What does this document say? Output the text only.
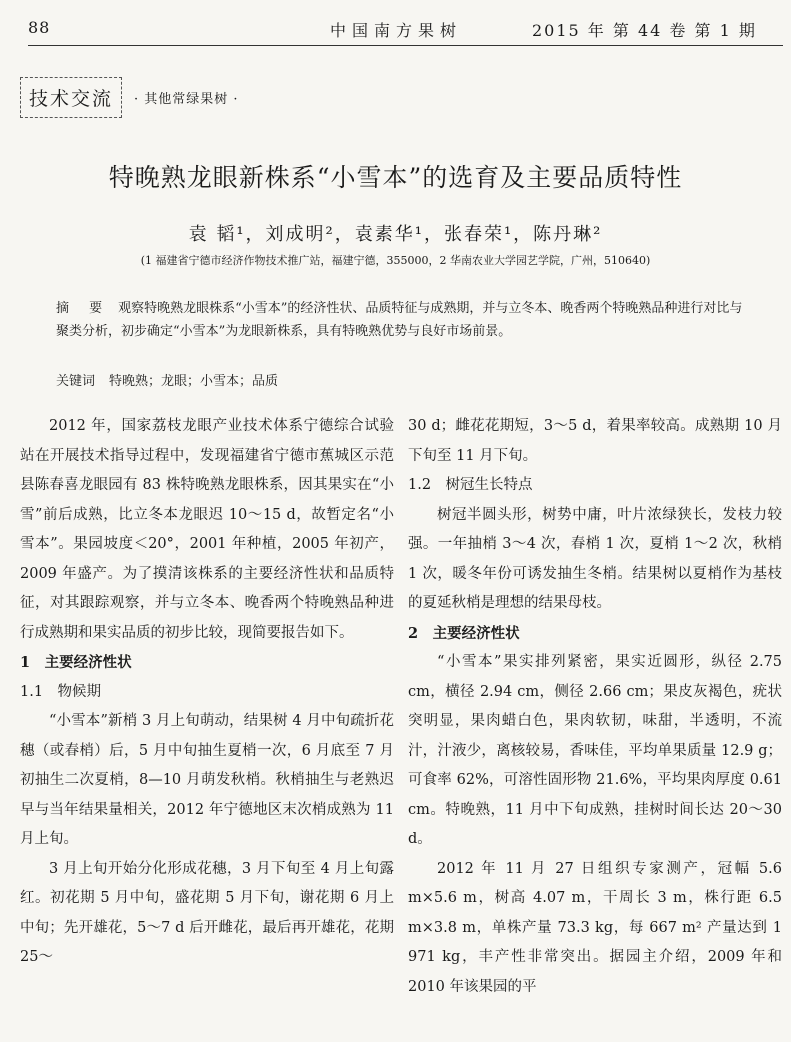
88	中国南方果树	2015 年 第 44 卷 第 1 期
技术交流	· 其他常绿果树 ·
特晚熟龙眼新株系“小雪本”的选育及主要品质特性
袁 韬¹，刘成明²，袁素华¹，张春荣¹，陈丹琳²
(1 福建省宁德市经济作物技术推广站，福建宁德，355000，2 华南农业大学园艺学院，广州，510640)
摘 要 观察特晚熟龙眼株系“小雪本”的经济性状、品质特征与成熟期，并与立冬本、晚香两个特晚熟品种进行对比与聚类分析，初步确定“小雪本”为龙眼新株系，具有特晚熟优势与良好市场前景。
关键词 特晚熟；龙眼；小雪本；品质

2012 年，国家荔枝龙眼产业技术体系宁德综合试验站在开展技术指导过程中，发现福建省宁德市蕉城区示范县陈春喜龙眼园有 83 株特晚熟龙眼株系，因其果实在“小雪”前后成熟，比立冬本龙眼迟 10～15 d，故暂定名“小雪本”。果园坡度＜20°，2001 年种植，2005 年初产，2009 年盛产。为了摸清该株系的主要经济性状和品质特征，对其跟踪观察，并与立冬本、晚香两个特晚熟品种进行成熟期和果实品质的初步比较，现简要报告如下。

1　主要经济性状
1.1　物候期

“小雪本”新梢 3 月上旬萌动，结果树 4 月中旬疏折花穗（或春梢）后，5 月中旬抽生夏梢一次，6 月底至 7 月初抽生二次夏梢，8—10 月萌发秋梢。秋梢抽生与老熟迟早与当年结果量相关，2012 年宁德地区末次梢成熟为 11 月上旬。

3 月上旬开始分化形成花穗，3 月下旬至 4 月上旬露红。初花期 5 月中旬，盛花期 5 月下旬，谢花期 6 月上中旬；先开雄花，5～7 d 后开雌花，最后再开雄花，花期 25～

30 d；雌花花期短，3～5 d，着果率较高。成熟期 10 月下旬至 11 月下旬。

1.2　树冠生长特点

树冠半圆头形，树势中庸，叶片浓绿狭长，发枝力较强。一年抽梢 3～4 次，春梢 1 次，夏梢 1～2 次，秋梢 1 次，暖冬年份可诱发抽生冬梢。结果树以夏梢作为基枝的夏延秋梢是理想的结果母枝。

2　主要经济性状

“小雪本”果实排列紧密，果实近圆形，纵径 2.75 cm，横径 2.94 cm，侧径 2.66 cm；果皮灰褐色，疣状突明显，果肉蜡白色，果肉软韧，味甜，半透明，不流汁，汁液少，离核较易，香味佳，平均单果质量 12.9 g；可食率 62%，可溶性固形物 21.6%，平均果肉厚度 0.61 cm。特晚熟，11 月中下旬成熟，挂树时间长达 20～30 d。

2012 年 11 月 27 日组织专家测产，冠幅 5.6 m×5.6 m，树高 4.07 m，干周长 3 m，株行距 6.5 m×3.8 m，单株产量 73.3 kg，每 667 m² 产量达到 1 971 kg，丰产性非常突出。据园主介绍，2009 年和 2010 年该果园的平
